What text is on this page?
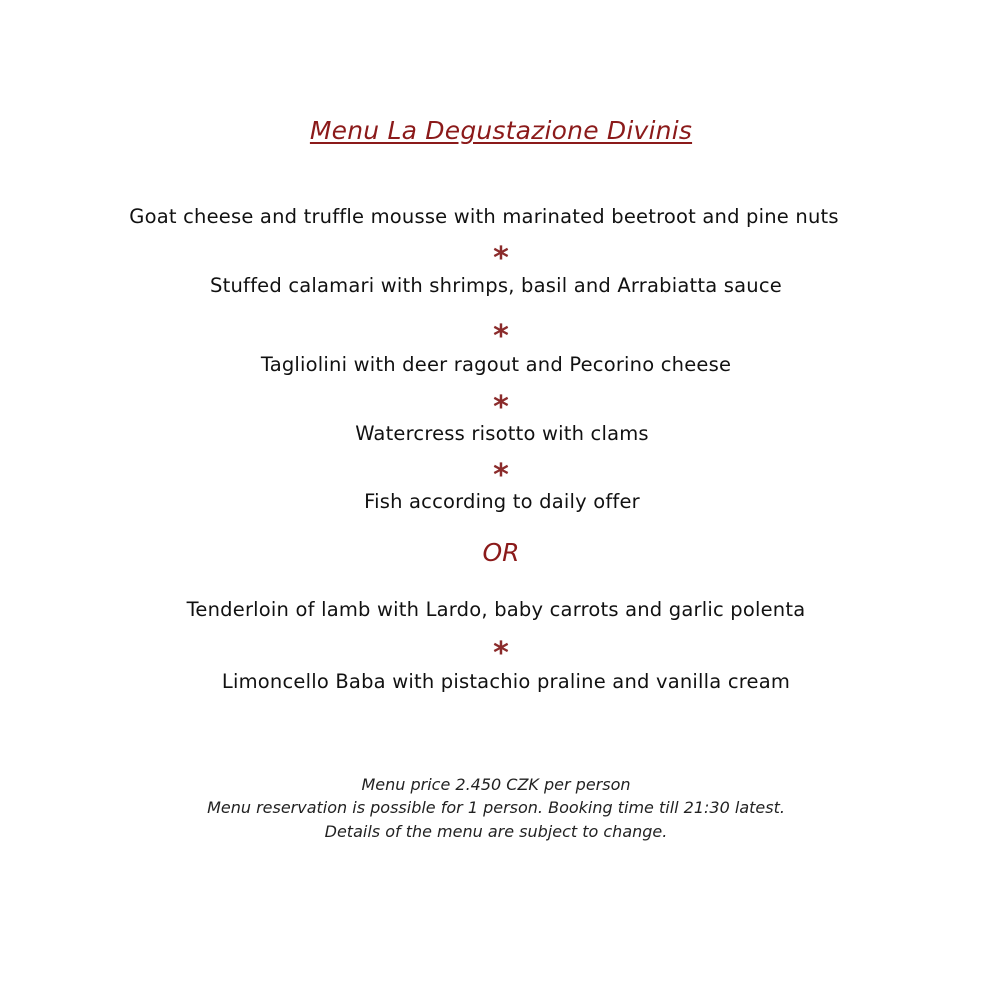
Menu La Degustazione Divinis
Goat cheese and truffle mousse with marinated beetroot and pine nuts
*
Stuffed calamari with shrimps, basil and Arrabiatta sauce
*
Tagliolini with deer ragout and Pecorino cheese
*
Watercress risotto with clams
*
Fish according to daily offer
OR
Tenderloin of lamb with Lardo, baby carrots and garlic polenta
*
Limoncello Baba with pistachio praline and vanilla cream
Menu price 2.450 CZK per person
Menu reservation is possible for 1 person. Booking time till 21:30 latest.
Details of the menu are subject to change.
